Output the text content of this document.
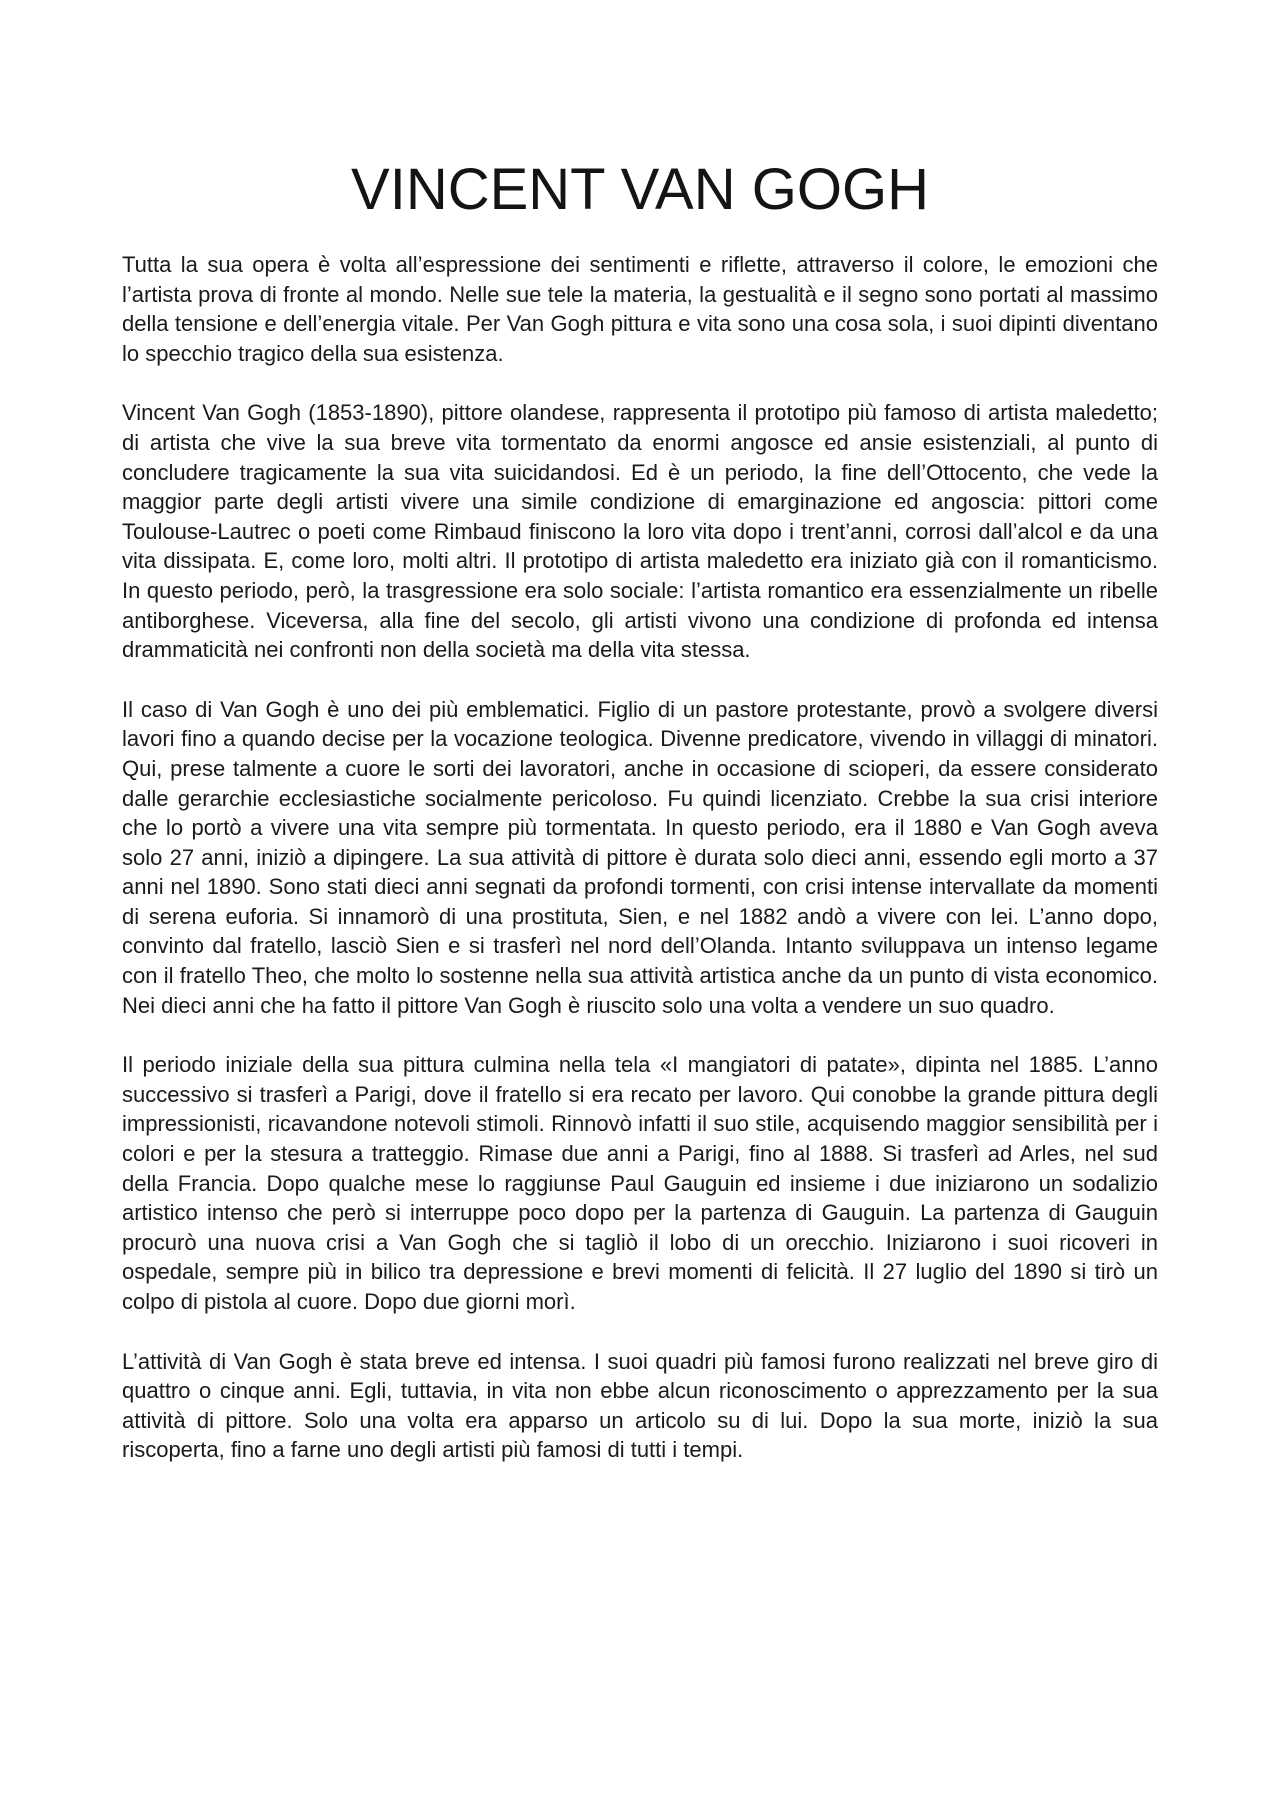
VINCENT VAN GOGH

Tutta la sua opera è volta all’espressione dei sentimenti e riflette, attraverso il colore, le emozioni che l’artista prova di fronte al mondo. Nelle sue tele la materia, la gestualità e il segno sono portati al massimo della tensione e dell’energia vitale. Per Van Gogh pittura e vita sono una cosa sola, i suoi dipinti diventano lo specchio tragico della sua esistenza.

Vincent Van Gogh (1853-1890), pittore olandese, rappresenta il prototipo più famoso di artista maledetto; di artista che vive la sua breve vita tormentato da enormi angosce ed ansie esistenziali, al punto di concludere tragicamente la sua vita suicidandosi. Ed è un periodo, la fine dell’Ottocento, che vede la maggior parte degli artisti vivere una simile condizione di emarginazione ed angoscia: pittori come Toulouse-Lautrec o poeti come Rimbaud finiscono la loro vita dopo i trent’anni, corrosi dall’alcol e da una vita dissipata. E, come loro, molti altri. Il prototipo di artista maledetto era iniziato già con il romanticismo. In questo periodo, però, la trasgressione era solo sociale: l’artista romantico era essenzialmente un ribelle antiborghese. Viceversa, alla fine del secolo, gli artisti vivono una condizione di profonda ed intensa drammaticità nei confronti non della società ma della vita stessa.

Il caso di Van Gogh è uno dei più emblematici. Figlio di un pastore protestante, provò a svolgere diversi lavori fino a quando decise per la vocazione teologica. Divenne predicatore, vivendo in villaggi di minatori. Qui, prese talmente a cuore le sorti dei lavoratori, anche in occasione di scioperi, da essere considerato dalle gerarchie ecclesiastiche socialmente pericoloso. Fu quindi licenziato. Crebbe la sua crisi interiore che lo portò a vivere una vita sempre più tormentata. In questo periodo, era il 1880 e Van Gogh aveva solo 27 anni, iniziò a dipingere. La sua attività di pittore è durata solo dieci anni, essendo egli morto a 37 anni nel 1890. Sono stati dieci anni segnati da profondi tormenti, con crisi intense intervallate da momenti di serena euforia. Si innamorò di una prostituta, Sien, e nel 1882 andò a vivere con lei. L’anno dopo, convinto dal fratello, lasciò Sien e si trasferì nel nord dell’Olanda. Intanto sviluppava un intenso legame con il fratello Theo, che molto lo sostenne nella sua attività artistica anche da un punto di vista economico. Nei dieci anni che ha fatto il pittore Van Gogh è riuscito solo una volta a vendere un suo quadro.

Il periodo iniziale della sua pittura culmina nella tela «I mangiatori di patate», dipinta nel 1885. L’anno successivo si trasferì a Parigi, dove il fratello si era recato per lavoro. Qui conobbe la grande pittura degli impressionisti, ricavandone notevoli stimoli. Rinnovò infatti il suo stile, acquisendo maggior sensibilità per i colori e per la stesura a tratteggio. Rimase due anni a Parigi, fino al 1888. Si trasferì ad Arles, nel sud della Francia. Dopo qualche mese lo raggiunse Paul Gauguin ed insieme i due iniziarono un sodalizio artistico intenso che però si interruppe poco dopo per la partenza di Gauguin. La partenza di Gauguin procurò una nuova crisi a Van Gogh che si tagliò il lobo di un orecchio. Iniziarono i suoi ricoveri in ospedale, sempre più in bilico tra depressione e brevi momenti di felicità. Il 27 luglio del 1890 si tirò un colpo di pistola al cuore. Dopo due giorni morì.

L’attività di Van Gogh è stata breve ed intensa. I suoi quadri più famosi furono realizzati nel breve giro di quattro o cinque anni. Egli, tuttavia, in vita non ebbe alcun riconoscimento o apprezzamento per la sua attività di pittore. Solo una volta era apparso un articolo su di lui. Dopo la sua morte, iniziò la sua riscoperta, fino a farne uno degli artisti più famosi di tutti i tempi.
